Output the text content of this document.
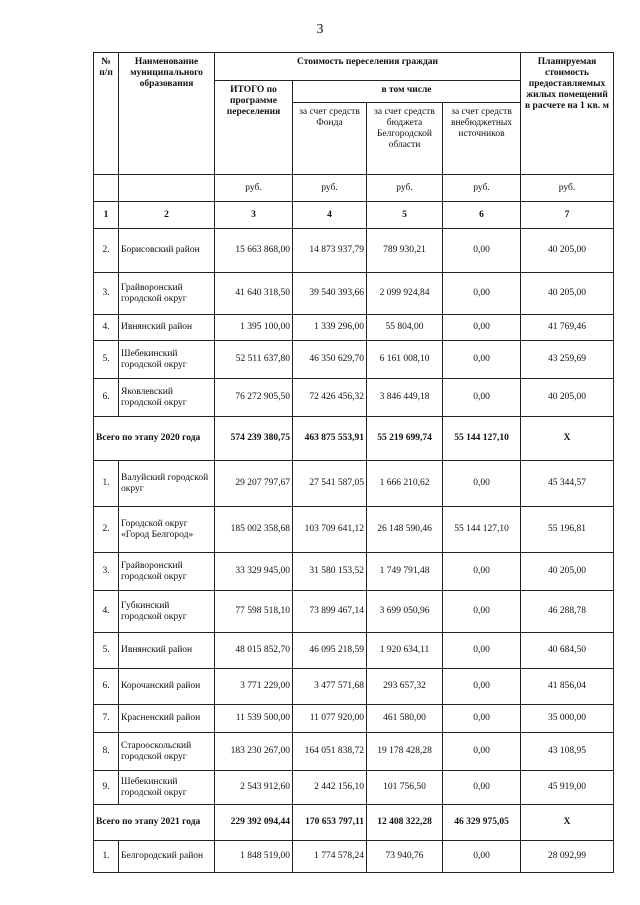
3
№ п/п	Наименование муниципального образования	Стоимость переселения граждан				Планируемая стоимость предоставляемых жилых помещений в расчете на 1 кв. м
		ИТОГО по программе переселения	в том числе			
			за счет средств Фонда	за счет средств бюджета Белгородской области	за счет средств внебюджетных источников	
		руб.	руб.	руб.	руб.	руб.
1	2	3	4	5	6	7
2.	Борисовский район	15 663 868,00	14 873 937,79	789 930,21	0,00	40 205,00
3.	Грайворонский городской округ	41 640 318,50	39 540 393,66	2 099 924,84	0,00	40 205,00
4.	Ивнянский район	1 395 100,00	1 339 296,00	55 804,00	0,00	41 769,46
5.	Шебекинский городской округ	52 511 637,80	46 350 629,70	6 161 008,10	0,00	43 259,69
6.	Яковлевский городской округ	76 272 905,50	72 426 456,32	3 846 449,18	0,00	40 205,00
Всего по этапу 2020 года		574 239 380,75	463 875 553,91	55 219 699,74	55 144 127,10	X
1.	Валуйский городской округ	29 207 797,67	27 541 587,05	1 666 210,62	0,00	45 344,57
2.	Городской округ «Город Белгород»	185 002 358,68	103 709 641,12	26 148 590,46	55 144 127,10	55 196,81
3.	Грайворонский городской округ	33 329 945,00	31 580 153,52	1 749 791,48	0,00	40 205,00
4.	Губкинский городской округ	77 598 518,10	73 899 467,14	3 699 050,96	0,00	46 288,78
5.	Ивнянский район	48 015 852,70	46 095 218,59	1 920 634,11	0,00	40 684,50
6.	Корочанский район	3 771 229,00	3 477 571,68	293 657,32	0,00	41 856,04
7.	Красненский район	11 539 500,00	11 077 920,00	461 580,00	0,00	35 000,00
8.	Старооскольский городской округ	183 230 267,00	164 051 838,72	19 178 428,28	0,00	43 108,95
9.	Шебекинский городской округ	2 543 912,60	2 442 156,10	101 756,50	0,00	45 919,00
Всего по этапу 2021 года		229 392 094,44	170 653 797,11	12 408 322,28	46 329 975,05	X
1.	Белгородский район	1 848 519,00	1 774 578,24	73 940,76	0,00	28 092,99
